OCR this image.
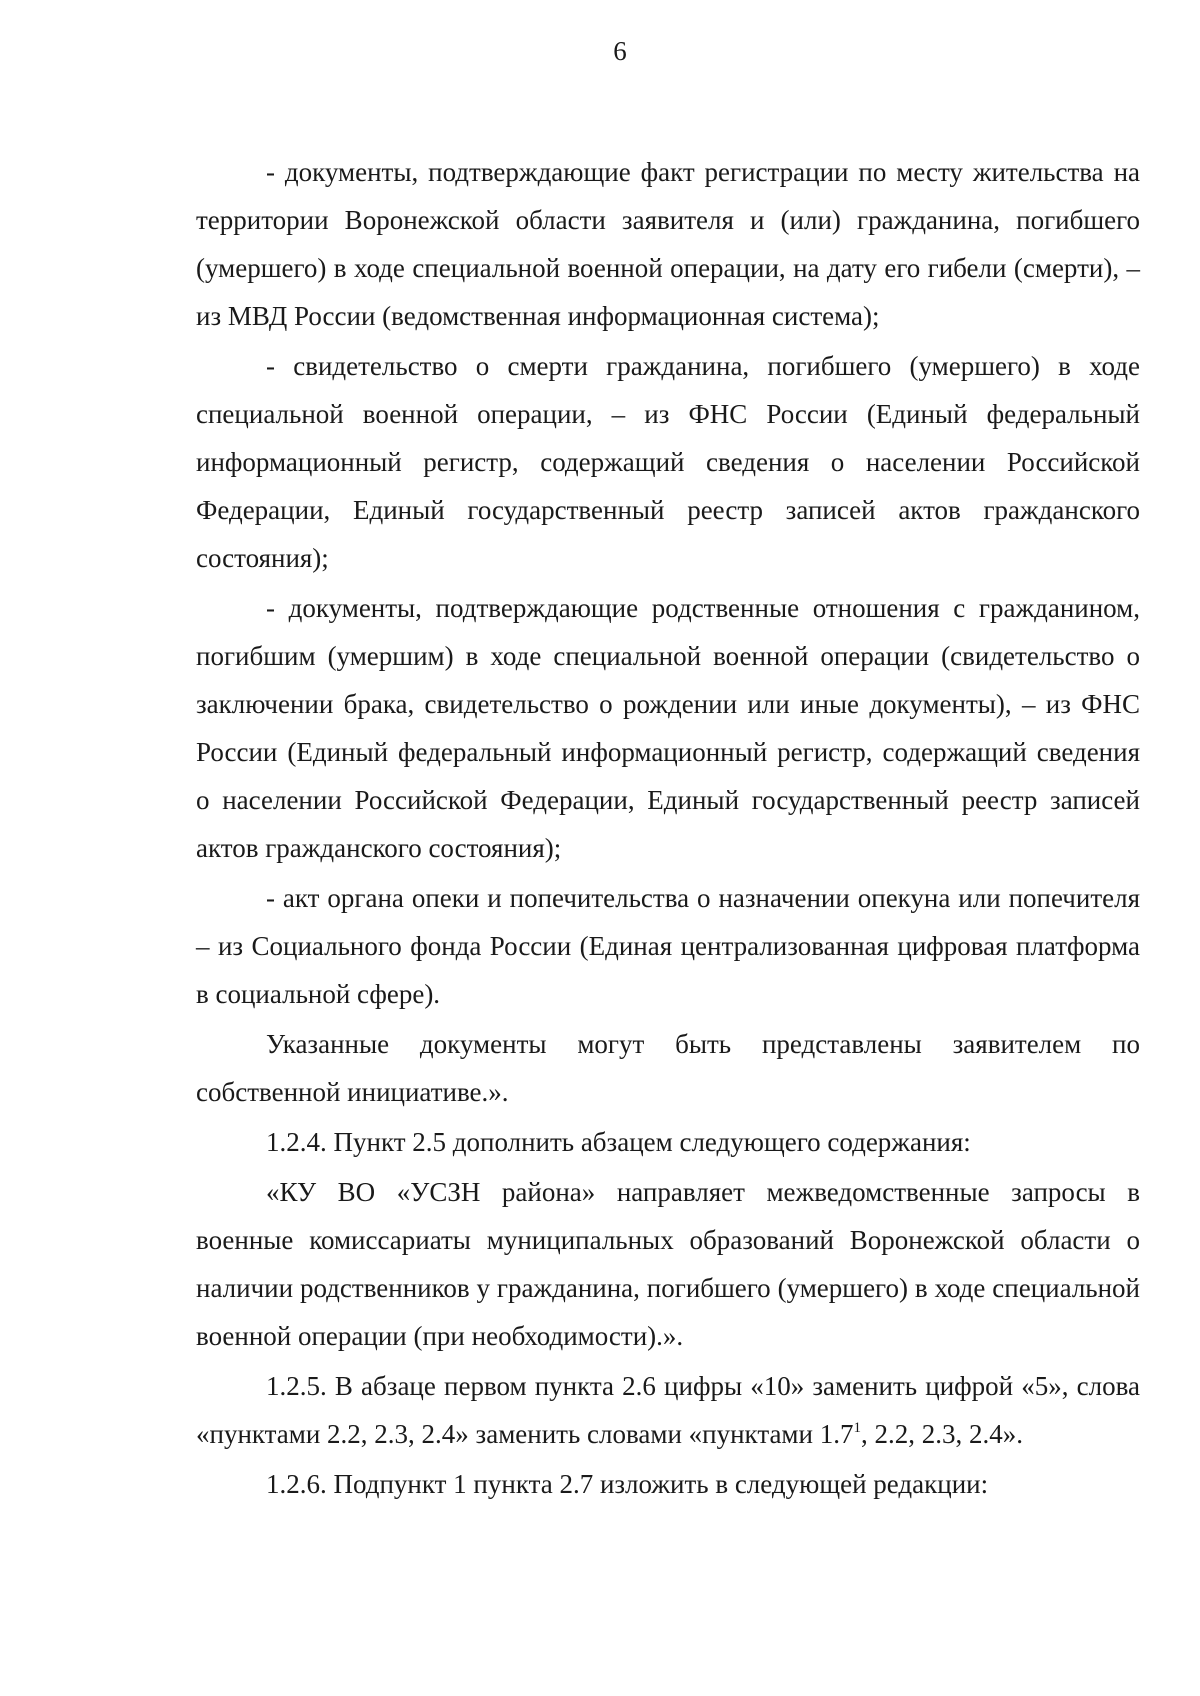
6

- документы, подтверждающие факт регистрации по месту жительства на территории Воронежской области заявителя и (или) гражданина, погибшего (умершего) в ходе специальной военной операции, на дату его гибели (смерти), – из МВД России (ведомственная информационная система);

- свидетельство о смерти гражданина, погибшего (умершего) в ходе специальной военной операции, – из ФНС России (Единый федеральный информационный регистр, содержащий сведения о населении Российской Федерации, Единый государственный реестр записей актов гражданского состояния);

- документы, подтверждающие родственные отношения с гражданином, погибшим (умершим) в ходе специальной военной операции (свидетельство о заключении брака, свидетельство о рождении или иные документы), – из ФНС России (Единый федеральный информационный регистр, содержащий сведения о населении Российской Федерации, Единый государственный реестр записей актов гражданского состояния);

- акт органа опеки и попечительства о назначении опекуна или попечителя – из Социального фонда России (Единая централизованная цифровая платформа в социальной сфере).

Указанные документы могут быть представлены заявителем по собственной инициативе.».

1.2.4. Пункт 2.5 дополнить абзацем следующего содержания:

«КУ ВО «УСЗН района» направляет межведомственные запросы в военные комиссариаты муниципальных образований Воронежской области о наличии родственников у гражданина, погибшего (умершего) в ходе специальной военной операции (при необходимости).».

1.2.5. В абзаце первом пункта 2.6 цифры «10» заменить цифрой «5», слова «пунктами 2.2, 2.3, 2.4» заменить словами «пунктами $1.7^1$, 2.2, 2.3, 2.4».

1.2.6. Подпункт 1 пункта 2.7 изложить в следующей редакции:
